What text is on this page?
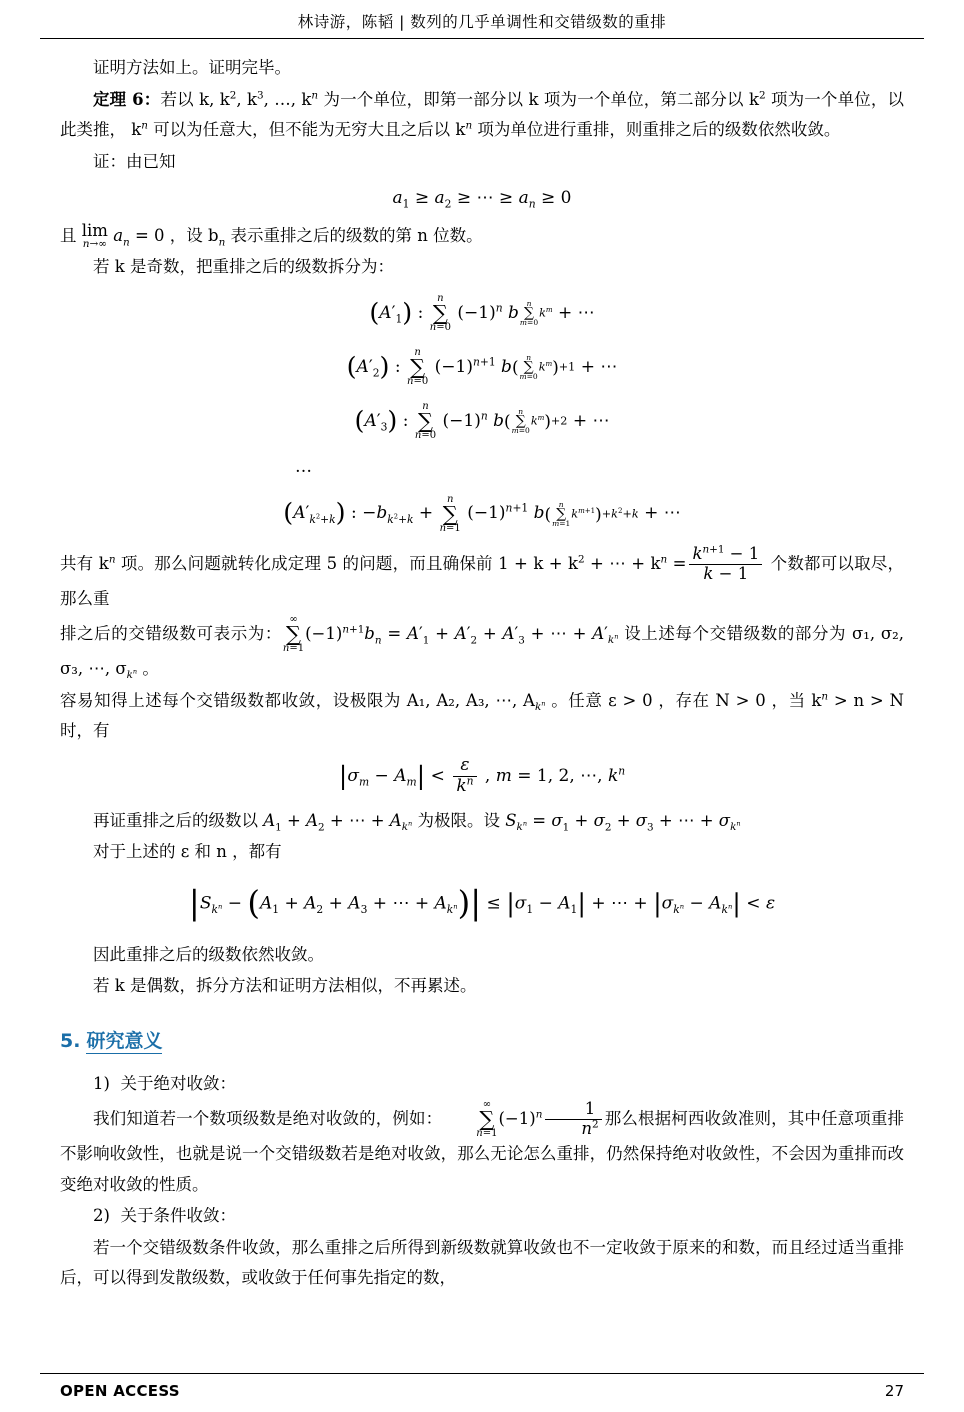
林诗游，陈韬 | 数列的几乎单调性和交错级数的重排

证明方法如上。证明完毕。

定理 6：若以 k, $k^2$, $k^3$, …, $k^n$ 为一个单位，即第一部分以 k 项为一个单位，第二部分以 $k^2$ 项为一个单位，以此类推， $k^n$ 可以为任意大，但不能为无穷大且之后以 $k^n$ 项为单位进行重排，则重排之后的级数依然收敛。

证：由已知

$a_1 \ge a_2$ ≥ ⋯ ≥ $a_n \ge 0$

且 lim
n→∞ $a_n = 0$ ，设 $b_n$ 表示重排之后的级数的第 n 位数。

若 k 是奇数，把重排之后的级数拆分为：

$(A'_1)$ :
n
∑
n=0
$(-1)^n$ b	n
∑
m=0
$k^m$ + ⋯
$(A'_2)$ :
n
∑
n=0
$(-1)^{n+1}$ b(	n
∑
m=0
$k^m)+1$ + ⋯
$(A'_3)$ :
n
∑
n=0
$(-1)^n$ b(	n
∑
m=0
$k^m)+2$ + ⋯
…
$(A'_{k^2+k})$ : $-b_{k^2+k}$ +
n
∑
n=1
$(-1)^{n+1}$ b(	n
∑
m=1
$k^{m+1})+k^2+k$ + ⋯

共有 $k^n$ 项。那么问题就转化成定理 5 的问题，而且确保前 $1 + k + k^2$ + ⋯ + $k^n = \frac{k^{n+1} - 1}{k - 1}$ 个数都可以取尽，那么重

排之后的交错级数可表示为：
∞
∑
n=1
$(-1)^{n+1}b_n = A'_1 + A'_2 + A'_3$ + ⋯ + $A'_{k^n}$ 设上述每个交错级数的部分为 σ₁, σ₂, σ₃, ⋯, $\sigma_{k^n}$ 。

容易知得上述每个交错级数都收敛，设极限为 A₁, A₂, A₃, ⋯, $A_{k^n}$ 。任意 ε > 0 ，存在 N > 0 ，当 $k^n > n > N$ 时，有

$|\sigma_m - A_m| < \frac{\varepsilon}{k^n}$ , m = 1, 2, ⋯, $k^n$

再证重排之后的级数以 $A_1 + A_2$ + ⋯ + $A_{k^n}$ 为极限。设 $S_{k^n} = \sigma_1 + \sigma_2 + \sigma_3$ + ⋯ + $\sigma_{k^n}$

对于上述的 ε 和 n ，都有

$|S_{k^n} - (A_1 + A_2 + A_3$ + ⋯ + $A_{k^n})| \le |\sigma_1 - A_1|$ + ⋯ + $|\sigma_{k^n} - A_{k^n}| < \varepsilon$

因此重排之后的级数依然收敛。

若 k 是偶数，拆分方法和证明方法相似，不再累述。

5. 研究意义

1) 关于绝对收敛：

我们知道若一个数项级数是绝对收敛的，例如：
∞
∑
n=1
$(-1)^n \frac{1}{n^2}$ 那么根据柯西收敛准则，其中任意项重排不影响收敛性，也就是说一个交错级数若是绝对收敛，那么无论怎么重排，仍然保持绝对收敛性，不会因为重排而改变绝对收敛的性质。

2) 关于条件收敛：

若一个交错级数条件收敛，那么重排之后所得到新级数就算收敛也不一定收敛于原来的和数，而且经过适当重排后，可以得到发散级数，或收敛于任何事先指定的数，

OPEN ACCESS	27
